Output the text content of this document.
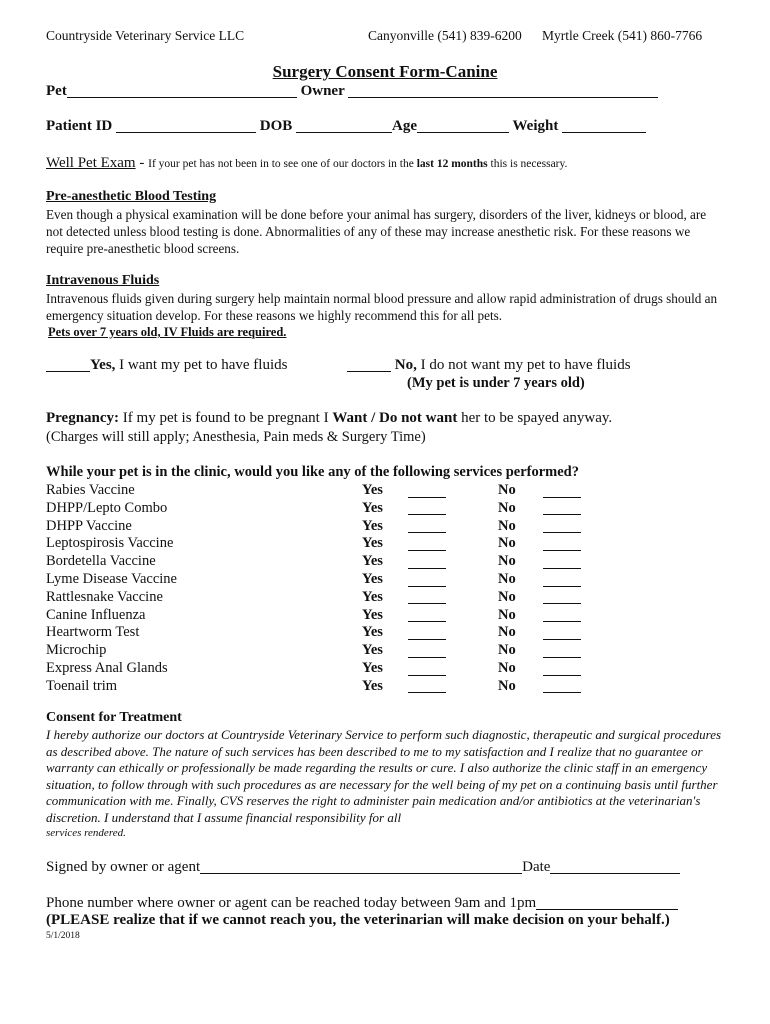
Countryside Veterinary Service LLC	Canyonville (541) 839-6200 Myrtle Creek (541) 860-7766
Surgery Consent Form-Canine
Pet	Owner
Patient ID	DOB	Age	Weight
Well Pet Exam - If your pet has not been in to see one of our doctors in the last 12 months this is necessary.
Pre-anesthetic Blood Testing
Even though a physical examination will be done before your animal has surgery, disorders of the liver, kidneys or blood, are not detected unless blood testing is done. Abnormalities of any of these may increase anesthetic risk. For these reasons we require pre-anesthetic blood screens.
Intravenous Fluids
Intravenous fluids given during surgery help maintain normal blood pressure and allow rapid administration of drugs should an emergency situation develop. For these reasons we highly recommend this for all pets.
Pets over 7 years old, IV Fluids are required.
Yes, I want my pet to have fluids	No, I do not want my pet to have fluids
(My pet is under 7 years old)
Pregnancy: If my pet is found to be pregnant I Want / Do not want her to be spayed anyway.
(Charges will still apply; Anesthesia, Pain meds & Surgery Time)
While your pet is in the clinic, would you like any of the following services performed?
Rabies Vaccine	Yes	No
DHPP/Lepto Combo	Yes	No
DHPP Vaccine	Yes	No
Leptospirosis Vaccine	Yes	No
Bordetella Vaccine	Yes	No
Lyme Disease Vaccine	Yes	No
Rattlesnake Vaccine	Yes	No
Canine Influenza	Yes	No
Heartworm Test	Yes	No
Microchip	Yes	No
Express Anal Glands	Yes	No
Toenail trim	Yes	No
Consent for Treatment
I hereby authorize our doctors at Countryside Veterinary Service to perform such diagnostic, therapeutic and surgical procedures as described above. The nature of such services has been described to me to my satisfaction and I realize that no guarantee or warranty can ethically or professionally be made regarding the results or cure. I also authorize the clinic staff in an emergency situation, to follow through with such procedures as are necessary for the well being of my pet on a continuing basis until further communication with me. Finally, CVS reserves the right to administer pain medication and/or antibiotics at the veterinarian's discretion. I understand that I assume financial responsibility for all
services rendered.
Signed by owner or agent	Date
Phone number where owner or agent can be reached today between 9am and 1pm
(PLEASE realize that if we cannot reach you, the veterinarian will make decision on your behalf.)
5/1/2018
